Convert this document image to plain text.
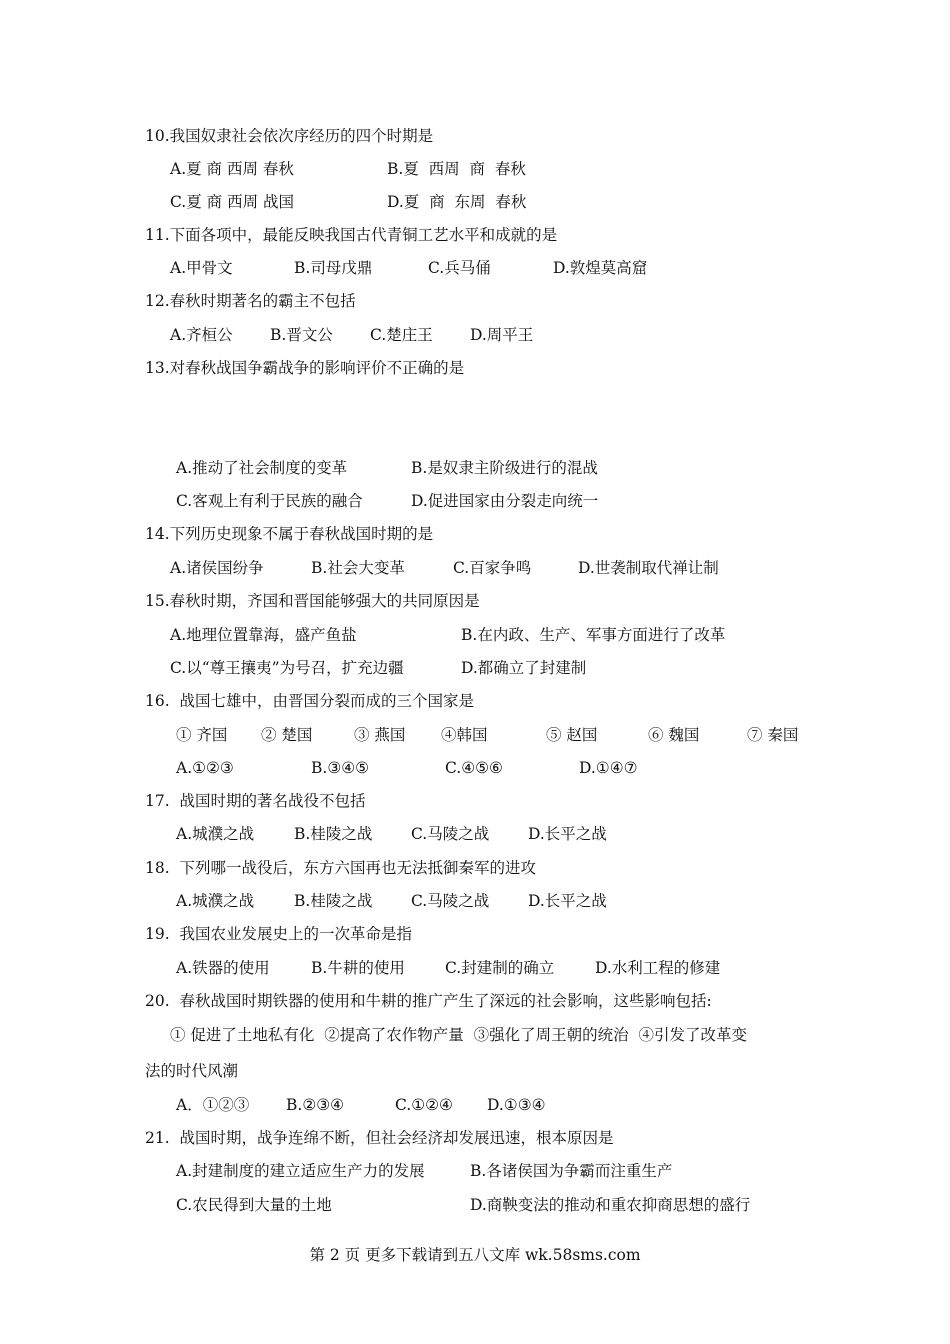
10.我国奴隶社会依次序经历的四个时期是
A.夏 商 西周 春秋	B.夏  西周  商  春秋
C.夏 商 西周 战国	D.夏  商  东周  春秋
11.下面各项中，最能反映我国古代青铜工艺水平和成就的是
A.甲骨文	B.司母戊鼎	C.兵马俑	D.敦煌莫高窟
12.春秋时期著名的霸主不包括
A.齐桓公 B.晋文公 C.楚庄王 D.周平王
13.对春秋战国争霸战争的影响评价不正确的是
A.推动了社会制度的变革	B.是奴隶主阶级进行的混战
C.客观上有利于民族的融合	D.促进国家由分裂走向统一
14.下列历史现象不属于春秋战国时期的是
A.诸侯国纷争	B.社会大变革	C.百家争鸣	D.世袭制取代禅让制
15.春秋时期，齐国和晋国能够强大的共同原因是
A.地理位置靠海，盛产鱼盐	B.在内政、生产、军事方面进行了改革
C.以“尊王攘夷”为号召，扩充边疆	D.都确立了封建制
16.  战国七雄中，由晋国分裂而成的三个国家是
① 齐国 ② 楚国	③ 燕国 ④韩国	⑤ 赵国	⑥ 魏国	⑦ 秦国
A.①②③	B.③④⑤	C.④⑤⑥	D.①④⑦
17.  战国时期的著名战役不包括
A.城濮之战	B.桂陵之战 C.马陵之战	D.长平之战
18.  下列哪一战役后，东方六国再也无法抵御秦军的进攻
A.城濮之战	B.桂陵之战 C.马陵之战	D.长平之战
19.  我国农业发展史上的一次革命是指
A.铁器的使用	B.牛耕的使用	C.封建制的确立	D.水利工程的修建
20.  春秋战国时期铁器的使用和牛耕的推广产生了深远的社会影响，这些影响包括:
① 促进了土地私有化  ②提高了农作物产量  ③强化了周王朝的统治  ④引发了改革变
法的时代风潮
A．①②③ B.②③④	C.①②④ D.①③④
21.  战国时期，战争连绵不断，但社会经济却发展迅速，根本原因是
A.封建制度的建立适应生产力的发展	B.各诸侯国为争霸而注重生产
C.农民得到大量的土地	D.商鞅变法的推动和重农抑商思想的盛行
第 2 页 更多下载请到五八文库 wk.58sms.com
